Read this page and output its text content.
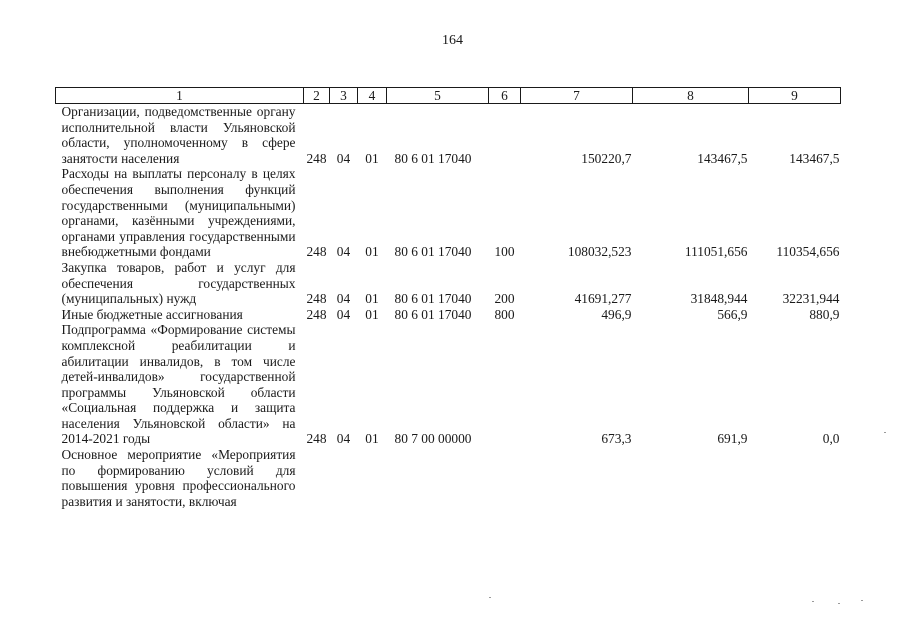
164
1	2	3	4	5	6	7	8	9
Организации, подведомственные органу исполнительной власти Ульяновской области, уполномоченному в сфере занятости населения	248	04	01	80 6 01 17040		150220,7	143467,5	143467,5
Расходы на выплаты персоналу в целях обеспечения выполнения функций государственными (муниципальными) органами, казёнными учреждениями, органами управления государственными внебюджетными фондами	248	04	01	80 6 01 17040	100	108032,523	111051,656	110354,656
Закупка товаров, работ и услуг для обеспечения государственных (муниципальных) нужд	248	04	01	80 6 01 17040	200	41691,277	31848,944	32231,944
Иные бюджетные ассигнования	248	04	01	80 6 01 17040	800	496,9	566,9	880,9
Подпрограмма «Формирование системы комплексной реабилитации и абилитации инвалидов, в том числе детей-инвалидов» государственной программы Ульяновской области «Социальная поддержка и защита населения Ульяновской области» на 2014-2021 годы	248	04	01	80 7 00 00000		673,3	691,9	0,0
Основное мероприятие «Мероприятия по формированию условий для повышения уровня профессионального развития и занятости, включая								
